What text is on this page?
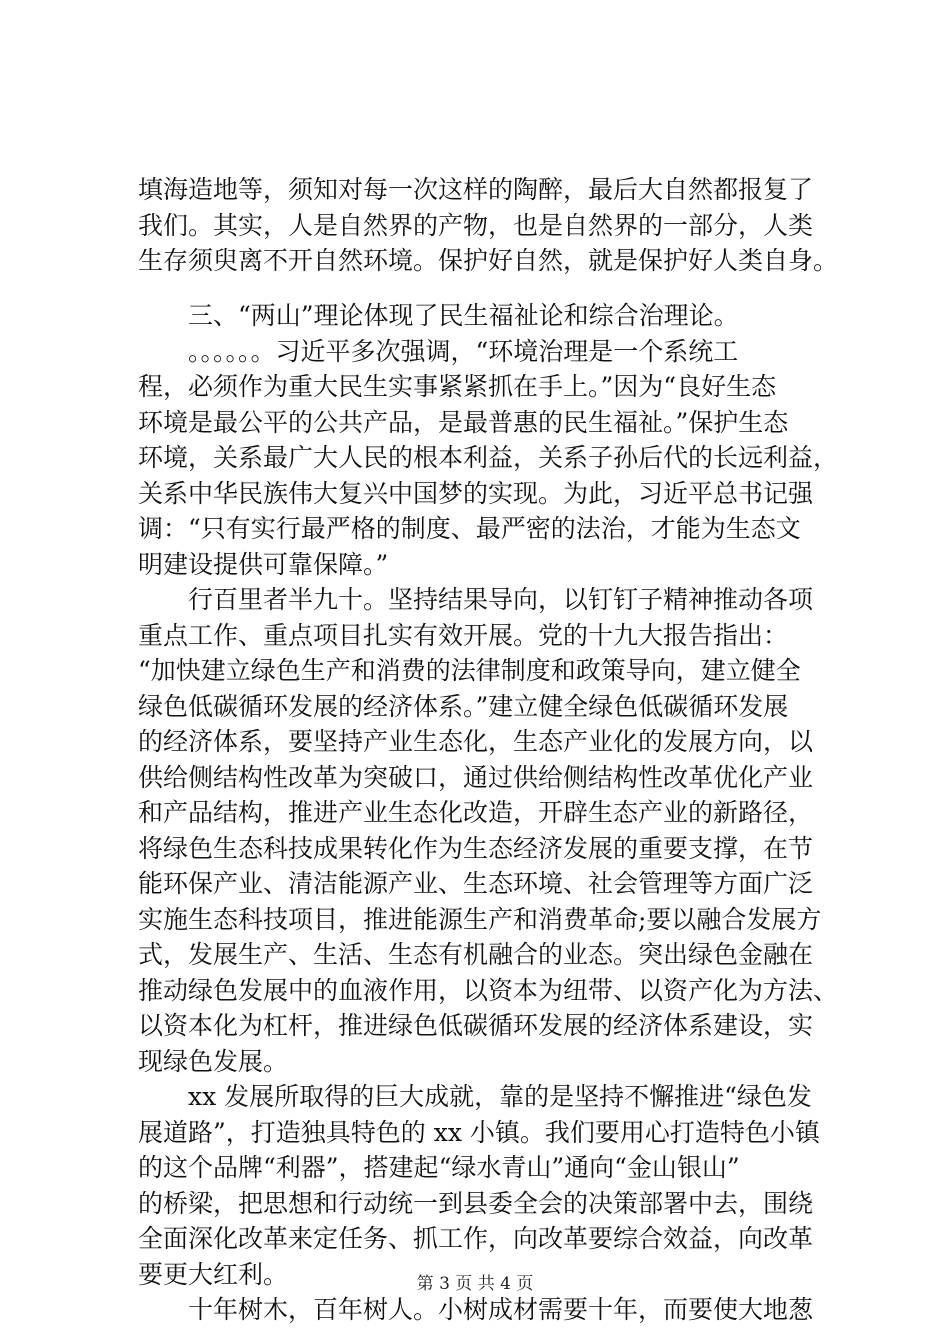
填海造地等，须知对每一次这样的陶醉，最后大自然都报复了
我们。其实，人是自然界的产物，也是自然界的一部分，人类
生存须臾离不开自然环境。保护好自然，就是保护好人类自身。
三、“两山”理论体现了民生福祉论和综合治理论。
。。。。。。习近平多次强调，“环境治理是一个系统工
程，必须作为重大民生实事紧紧抓在手上。”因为“良好生态
环境是最公平的公共产品，是最普惠的民生福祉。”保护生态
环境，关系最广大人民的根本利益，关系子孙后代的长远利益，
关系中华民族伟大复兴中国梦的实现。为此，习近平总书记强
调：“只有实行最严格的制度、最严密的法治，才能为生态文
明建设提供可靠保障。”
行百里者半九十。坚持结果导向，以钉钉子精神推动各项
重点工作、重点项目扎实有效开展。党的十九大报告指出：
“加快建立绿色生产和消费的法律制度和政策导向，建立健全
绿色低碳循环发展的经济体系。”建立健全绿色低碳循环发展
的经济体系，要坚持产业生态化，生态产业化的发展方向，以
供给侧结构性改革为突破口，通过供给侧结构性改革优化产业
和产品结构，推进产业生态化改造，开辟生态产业的新路径，
将绿色生态科技成果转化作为生态经济发展的重要支撑，在节
能环保产业、清洁能源产业、生态环境、社会管理等方面广泛
实施生态科技项目，推进能源生产和消费革命;要以融合发展方
式，发展生产、生活、生态有机融合的业态。突出绿色金融在
推动绿色发展中的血液作用，以资本为纽带、以资产化为方法、
以资本化为杠杆，推进绿色低碳循环发展的经济体系建设，实
现绿色发展。
xx 发展所取得的巨大成就，靠的是坚持不懈推进“绿色发
展道路”，打造独具特色的 xx 小镇。我们要用心打造特色小镇
的这个品牌“利器”，搭建起“绿水青山”通向“金山银山”
的桥梁，把思想和行动统一到县委全会的决策部署中去，围绕
全面深化改革来定任务、抓工作，向改革要综合效益，向改革
要更大红利。
十年树木，百年树人。小树成材需要十年，而要使大地葱
第 3 页 共 4 页
